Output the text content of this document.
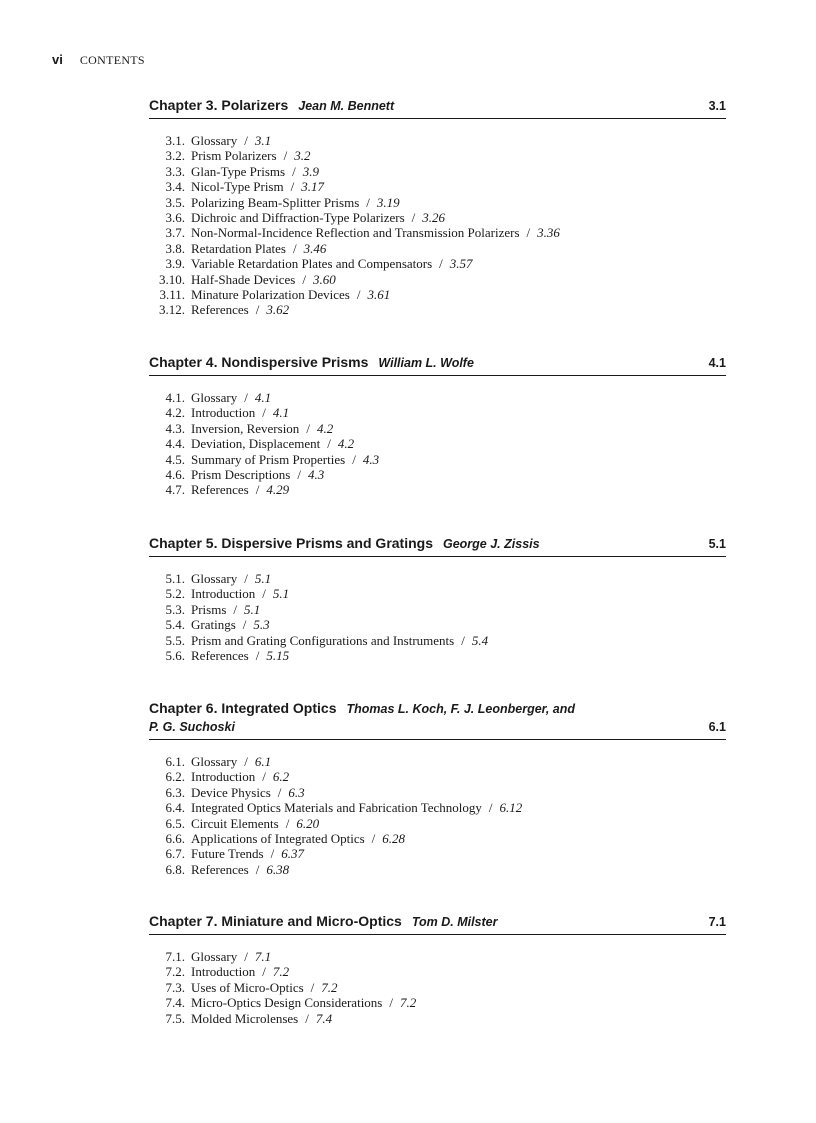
vi CONTENTS
Chapter 3. Polarizers Jean M. Bennett	3.1
3.1. Glossary / 3.1
3.2. Prism Polarizers / 3.2
3.3. Glan-Type Prisms / 3.9
3.4. Nicol-Type Prism / 3.17
3.5. Polarizing Beam-Splitter Prisms / 3.19
3.6. Dichroic and Diffraction-Type Polarizers / 3.26
3.7. Non-Normal-Incidence Reflection and Transmission Polarizers / 3.36
3.8. Retardation Plates / 3.46
3.9. Variable Retardation Plates and Compensators / 3.57
3.10. Half-Shade Devices / 3.60
3.11. Minature Polarization Devices / 3.61
3.12. References / 3.62
Chapter 4. Nondispersive Prisms William L. Wolfe	4.1
4.1. Glossary / 4.1
4.2. Introduction / 4.1
4.3. Inversion, Reversion / 4.2
4.4. Deviation, Displacement / 4.2
4.5. Summary of Prism Properties / 4.3
4.6. Prism Descriptions / 4.3
4.7. References / 4.29
Chapter 5. Dispersive Prisms and Gratings George J. Zissis	5.1
5.1. Glossary / 5.1
5.2. Introduction / 5.1
5.3. Prisms / 5.1
5.4. Gratings / 5.3
5.5. Prism and Grating Configurations and Instruments / 5.4
5.6. References / 5.15
Chapter 6. Integrated Optics Thomas L. Koch, F. J. Leonberger, and
P. G. Suchoski	6.1
6.1. Glossary / 6.1
6.2. Introduction / 6.2
6.3. Device Physics / 6.3
6.4. Integrated Optics Materials and Fabrication Technology / 6.12
6.5. Circuit Elements / 6.20
6.6. Applications of Integrated Optics / 6.28
6.7. Future Trends / 6.37
6.8. References / 6.38
Chapter 7. Miniature and Micro-Optics Tom D. Milster	7.1
7.1. Glossary / 7.1
7.2. Introduction / 7.2
7.3. Uses of Micro-Optics / 7.2
7.4. Micro-Optics Design Considerations / 7.2
7.5. Molded Microlenses / 7.4
